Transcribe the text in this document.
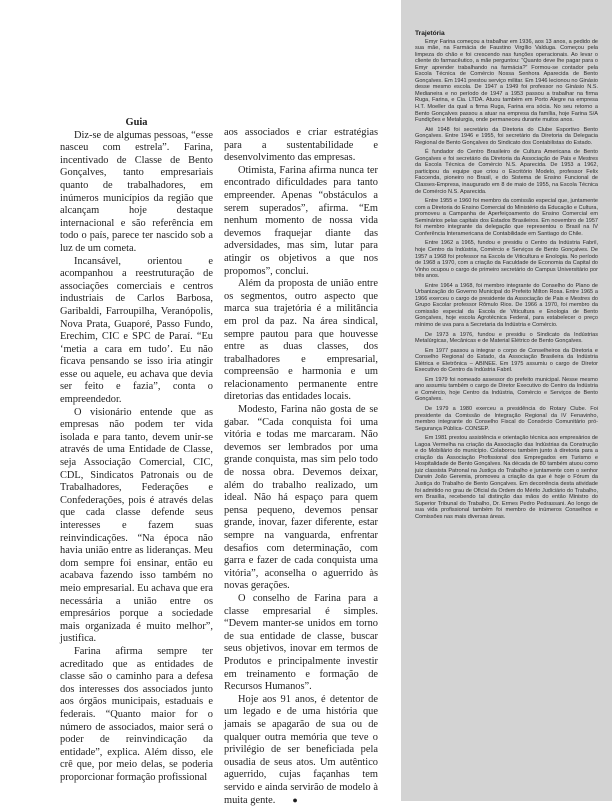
Guia

Diz-se de algumas pessoas, “esse nasceu com estrela”. Farina, incentivado de Classe de Bento Gonçalves, tanto empresariais quanto de trabalhadores, em inúmeros municípios da região que alcançam hoje destaque internacional e são referência em todo o país, parece ter nascido sob a luz de um cometa.

Incansável, orientou e acompanhou a reestruturação de associações comerciais e centros industriais de Carlos Barbosa, Garibaldi, Farroupilha, Veranópolis, Nova Prata, Guaporé, Passo Fundo, Erechim, CIC e SPC de Paraí. “Eu ‘metia a cara em tudo’. Eu não ficava pensando se isso iria atingir esse ou aquele, eu achava que devia ser feito e fazia”, conta o empreendedor.

O visionário entende que as empresas não podem ter vida isolada e para tanto, devem unir-se através de uma Entidade de Classe, seja Associação Comercial, CIC, CDL, Sindicatos Patronais ou de Trabalhadores, Federações e Confederações, pois é através delas que cada classe defende seus interesses e fazem suas reinvindicações. “Na época não havia união entre as lideranças. Meu dom sempre foi ensinar, então eu acabava fazendo isso também no meio empresarial. Eu achava que era necessária a união entre os empresários porque a sociedade mais organizada é muito melhor”, justifica.

Farina afirma sempre ter acreditado que as entidades de classe são o caminho para a defesa dos interesses dos associados junto aos órgãos municipais, estaduais e federais. “Quanto maior for o número de associados, maior será o poder de reinvindicação da entidade”, explica. Além disso, ele crê que, por meio delas, se poderia proporcionar formação profissional

aos associados e criar estratégias para a sustentabilidade e desenvolvimento das empresas.

Otimista, Farina afirma nunca ter encontrado dificuldades para tanto empreender. Apenas “obstáculos a serem superados”, afirma. “Em nenhum momento de nossa vida devemos fraquejar diante das adversidades, mas sim, lutar para atingir os objetivos a que nos propomos”, conclui.

Além da proposta de união entre os segmentos, outro aspecto que marca sua trajetória é a militância em prol da paz. Na área sindical, sempre pautou para que houvesse entre as duas classes, dos trabalhadores e empresarial, compreensão e harmonia e um relacionamento permanente entre diretorias das entidades locais.

Modesto, Farina não gosta de se gabar. “Cada conquista foi uma vitória e todas me marcaram. Não devemos ser lembrados por uma grande conquista, mas sim pelo todo de nossa obra. Devemos deixar, além do trabalho realizado, um ideal. Não há espaço para quem pensa pequeno, devemos pensar grande, inovar, fazer diferente, estar sempre na vanguarda, enfrentar desafios com determinação, com garra e fazer de cada conquista uma vitória”, aconselha o aguerrido às novas gerações.

O conselho de Farina para a classe empresarial é simples. “Devem manter-se unidos em torno de sua entidade de classe, buscar seus objetivos, inovar em termos de Produtos e principalmente investir em treinamento e formação de Recursos Humanos”.

Hoje aos 91 anos, é detentor de um legado e de uma história que jamais se apagarão de sua ou de qualquer outra memória que teve o privilégio de ser beneficiada pela ousadia de seus atos. Um autêntico aguerrido, cujas façanhas tem servido e ainda servirão de modelo à muita gente. ●

Trajetória

Emyr Farina começou a trabalhar em 1936, aos 13 anos, a pedido de sua mãe, na Farmácia de Faustino Virgílio Valduga. Começou pela limpeza do chão e foi crescendo nas funções operacionais. Ao levar o cliente do farmacêutico, a mãe perguntou: “Quanto deve lhe pagar para o Emyr aprender trabalhando na farmácia?” Formou-se contador pela Escola Técnica de Comércio Nossa Senhora Aparecida de Bento Gonçalves. Em 1941 prestou serviço militar. Em 1946 lecionou no Ginásio desse mesmo escola. De 1947 a 1949 foi professor no Ginásio N.S. Medianeira e no período de 1947 a 1953 passou a trabalhar na firma Ruga, Farina, e Cia. LTDA. Atuou também em Porto Alegre na empresa H.T. Moeller da qual a firma Ruga, Farina era sócia. No seu retorno a Bento Gonçalves passou a atuar na empresa da família, hoje Farina S/A Fundições e Metalurgia, onde permaneceu durante muitos anos.

Até 1948 foi secretário da Diretoria do Clube Esportivo Bento Gonçalves. Entre 1946 e 1955, foi secretário da Diretoria da Delegacia Regional de Bento Gonçalves do Sindicato dos Contabilistas do Estado.

É fundador do Centro Brasileiro de Cultura Americana de Bento Gonçalves e foi secretário da Diretoria da Associação de Pais e Mestres da Escola Técnica de Comércio N.S. Aparecida. De 1953 a 1962, participou da equipe que criou o Escritório Modelo, professor Felix Faccenda, pioneiro no Brasil, e do Sistema de Ensino Funcional de Classes-Empresa, inaugurado em 8 de maio de 1955, na Escola Técnica de Comércio N.S. Aparecida.

Entre 1955 e 1960 foi membro da comissão especial que, juntamente com a Diretoria do Ensino Comercial do Ministério da Educação e Cultura, promoveu a Campanha de Aperfeiçoamento do Ensino Comercial em Seminários pelas capitais dos Estados Brasileiros. Em novembro de 1957 foi membro integrante da delegação que representou o Brasil na IV Conferência Interamericana de Contabilidade em Santiago do Chile.

Entre 1962 a 1965, fundou e presidiu o Centro da Indústria Fabril, hoje Centro da Indústria, Comércio e Serviços de Bento Gonçalves. De 1957 a 1968 foi professor na Escola de Viticultura e Enologia. No período de 1968 a 1970, com a criação da Faculdade de Economia da Capital do Vinho ocupou o cargo de primeiro secretário do Campus Universitário por três anos.

Entre 1964 a 1968, foi membro integrante do Conselho do Plano de Urbanização do Governo Municipal do Prefeito Milton Rosa. Entre 1965 a 1966 exerceu o cargo de presidente da Associação de Pais e Mestres do Grupo Escolar professor Rômulo Rios. De 1966 a 1970, foi membro da comissão especial da Escola de Viticultura e Enologia de Bento Gonçalves, hoje escola Agrotécnica Federal, para estabelecer o preço mínimo de uva para a Secretaria da Indústria e Comércio.

De 1973 a 1976, fundou e presidiu o Sindicato da Indústrias Metalúrgicas, Mecânicas e de Material Elétrico de Bento Gonçalves.

Em 1977 passou a integrar o corpo de Conselheiros da Diretoria e Conselho Regional do Estado, da Associação Brasileira da Indústria Elétrica e Eletrônica – ABINEE. Em 1975 assumiu o cargo de Diretor Executivo do Centro da Indústria Fabril.

Em 1979 foi nomeado assessor do prefeito municipal. Nesse mesmo ano assumiu também o cargo de Diretor Executivo do Centro da Indústria e Comércio, hoje Centro da Indústria, Comércio e Serviços de Bento Gonçalves.

De 1979 a 1980 exerceu a presidência do Rotary Clube. Foi presidente da Comissão de Integração Regional da IV Fenavinho, membro integrante do Conselho Fiscal do Consórcio Comunitário pró-Segurança Pública- CONSEP.

Em 1981 prestou assistência e orientação técnica aos empresários de Lagoa Vermelha na criação da Associação das Indústrias da Construção e do Mobiliário do município. Colaborou também junto à diretoria para a criação da Associação Profissional dos Empregados em Turismo e Hospitalidade de Bento Gonçalves. Na década de 80 também atuou como juiz classista Patronal na Justiça do Trabalho e juntamente com o senhor Darwin João Geremia, promoveu a criação da que é hoje o Fórum da Justiça do Trabalho de Bento Gonçalves. Em decorrência desta atividade foi admitido no grau de Oficial da Ordem do Mérito Judiciário do Trabalho, em Brasília, recebendo tal distinção das mãos do então Ministro do Superior Tribunal do Trabalho, Dr. Ermes Pedro Pedrassani. Ao longo de sua vida profissional também foi membro de inúmeros Conselhos e Comissões nas mais diversas áreas.
